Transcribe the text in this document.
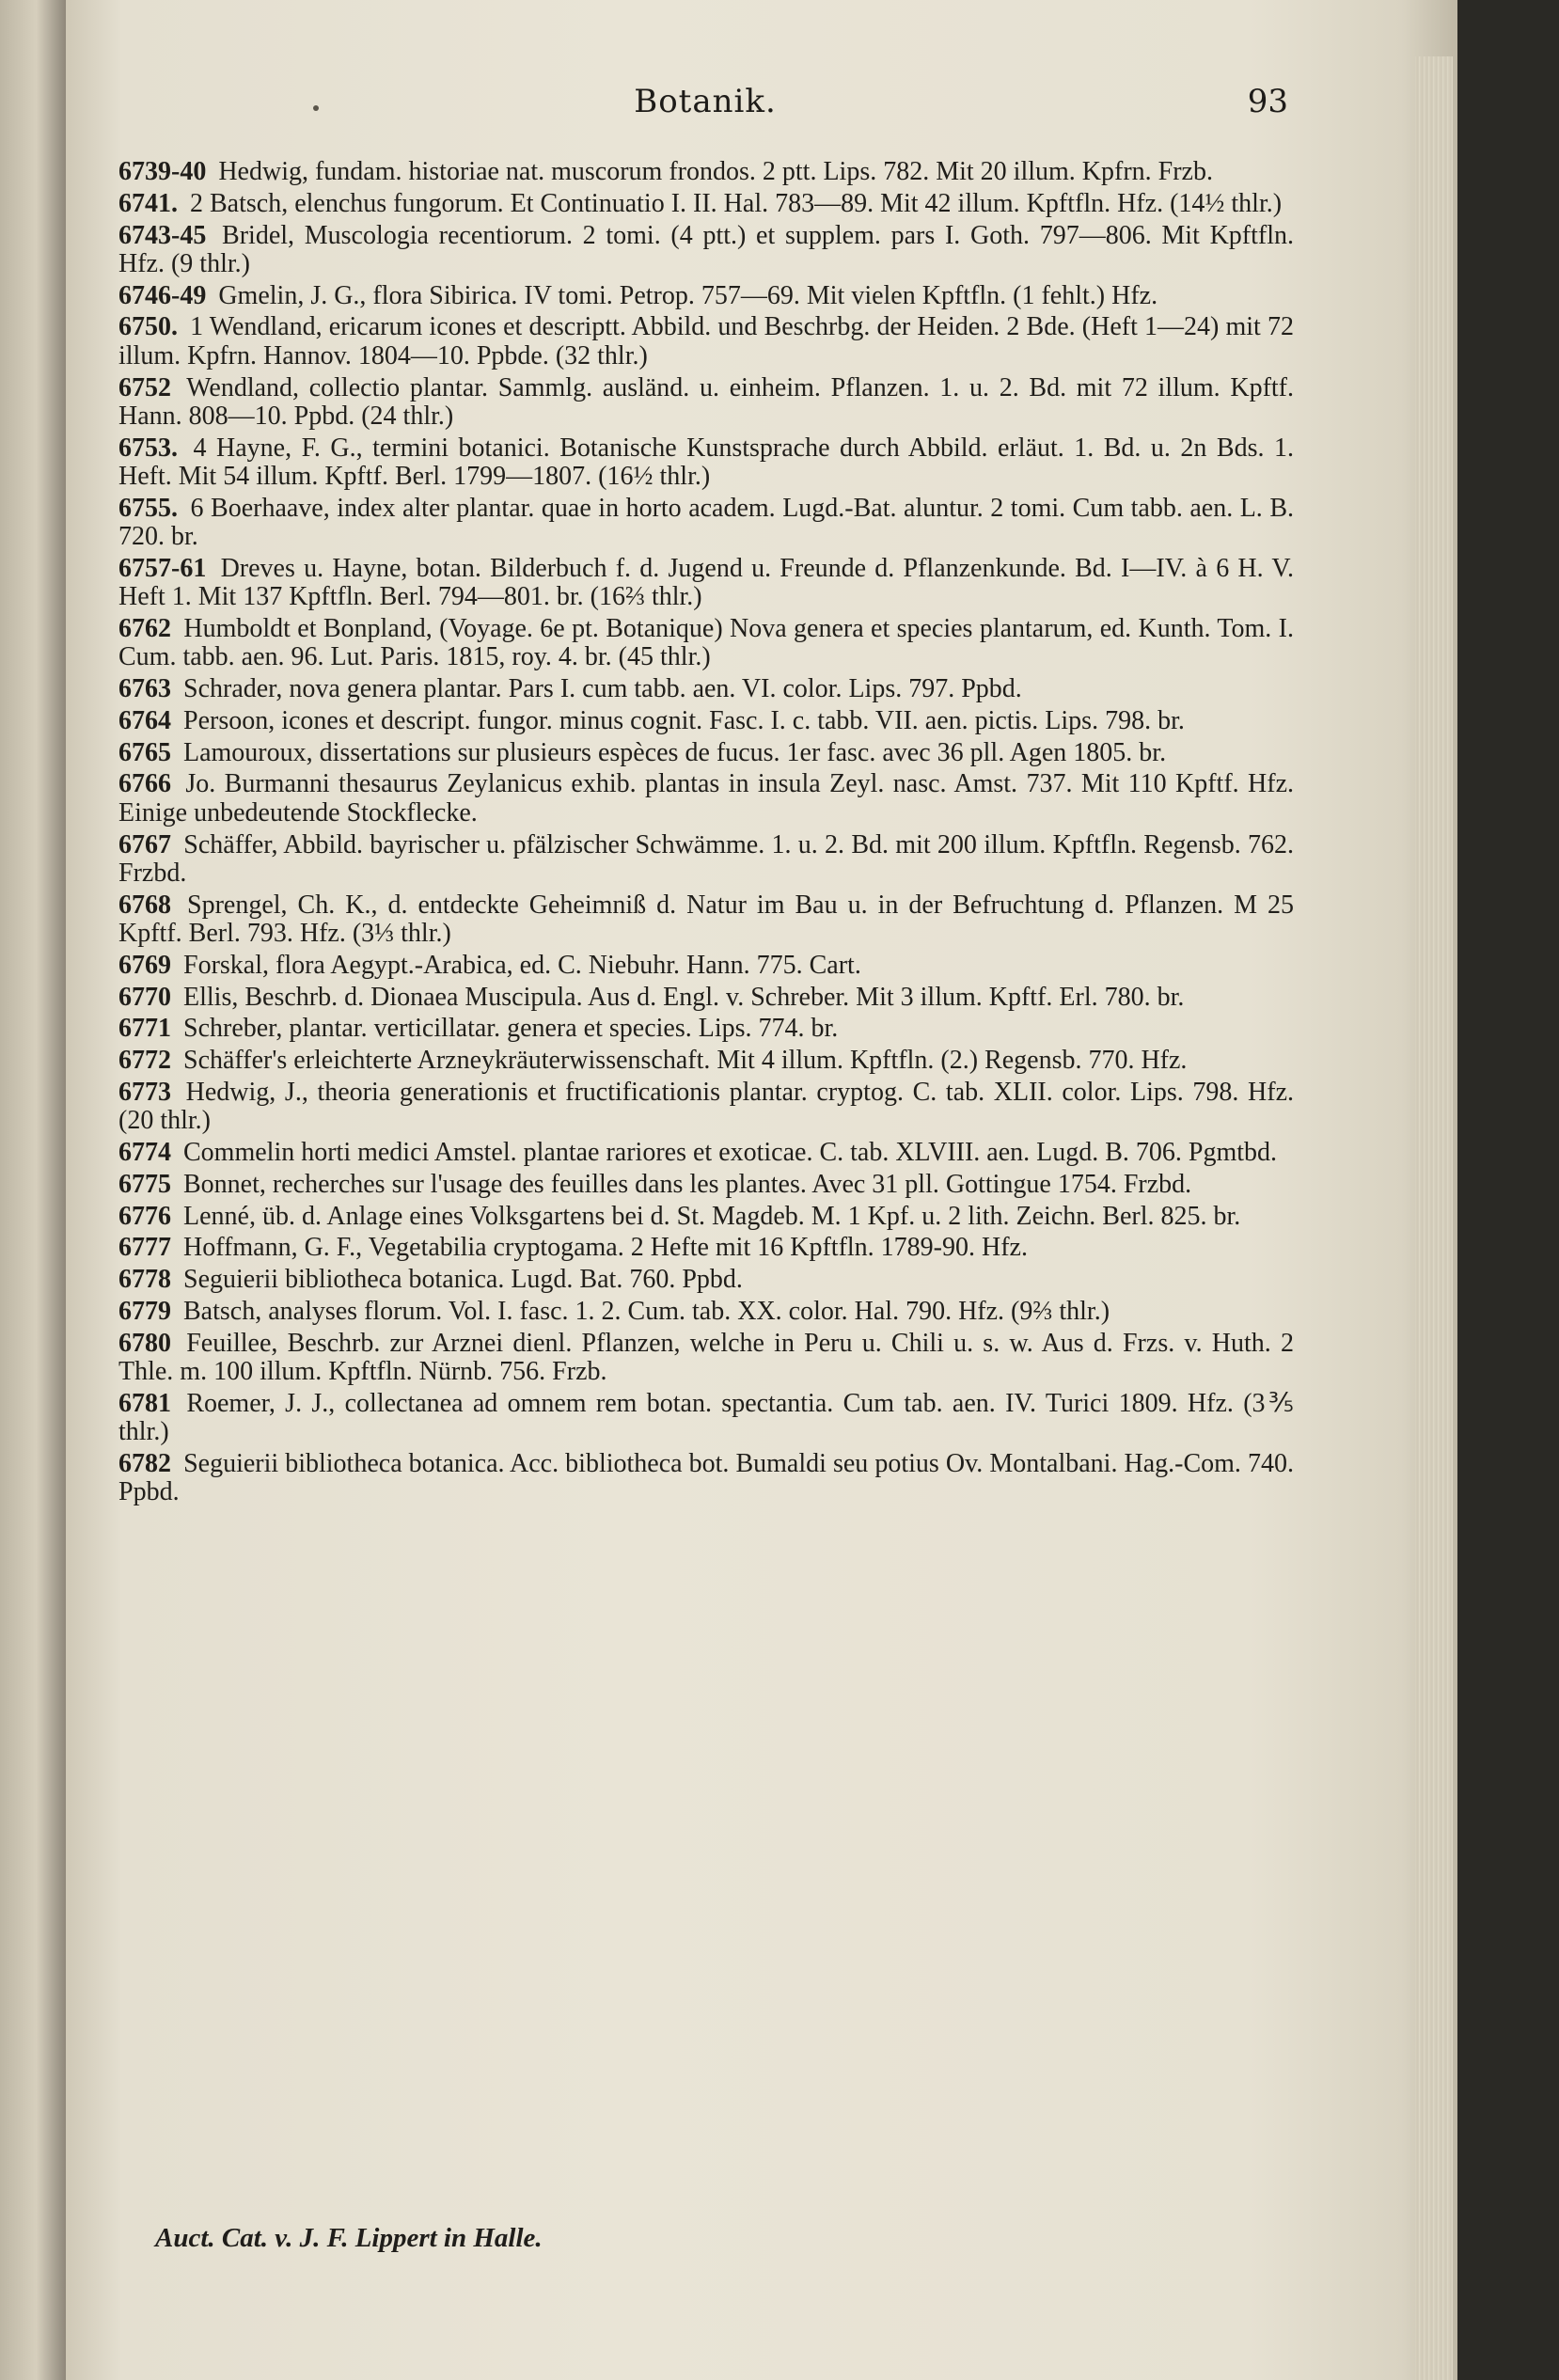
Botanik.	93

6739-40 Hedwig, fundam. historiae nat. muscorum frondos. 2 ptt. Lips. 782. Mit 20 illum. Kpfrn. Frzb.

6741. 2 Batsch, elenchus fungorum. Et Continuatio I. II. Hal. 783—89. Mit 42 illum. Kpftfln. Hfz. (14½ thlr.)

6743-45 Bridel, Muscologia recentiorum. 2 tomi. (4 ptt.) et supplem. pars I. Goth. 797—806. Mit Kpftfln. Hfz. (9 thlr.)

6746-49 Gmelin, J. G., flora Sibirica. IV tomi. Petrop. 757—69. Mit vielen Kpftfln. (1 fehlt.) Hfz.

6750. 1 Wendland, ericarum icones et descriptt. Abbild. und Beschrbg. der Heiden. 2 Bde. (Heft 1—24) mit 72 illum. Kpfrn. Hannov. 1804—10. Ppbde. (32 thlr.)

6752 Wendland, collectio plantar. Sammlg. ausländ. u. einheim. Pflanzen. 1. u. 2. Bd. mit 72 illum. Kpftf. Hann. 808—10. Ppbd. (24 thlr.)

6753. 4 Hayne, F. G., termini botanici. Botanische Kunstsprache durch Abbild. erläut. 1. Bd. u. 2n Bds. 1. Heft. Mit 54 illum. Kpftf. Berl. 1799—1807. (16½ thlr.)

6755. 6 Boerhaave, index alter plantar. quae in horto academ. Lugd.-Bat. aluntur. 2 tomi. Cum tabb. aen. L. B. 720. br.

6757-61 Dreves u. Hayne, botan. Bilderbuch f. d. Jugend u. Freunde d. Pflanzenkunde. Bd. I—IV. à 6 H. V. Heft 1. Mit 137 Kpftfln. Berl. 794—801. br. (16⅔ thlr.)

6762 Humboldt et Bonpland, (Voyage. 6e pt. Botanique) Nova genera et species plantarum, ed. Kunth. Tom. I. Cum. tabb. aen. 96. Lut. Paris. 1815, roy. 4. br. (45 thlr.)

6763 Schrader, nova genera plantar. Pars I. cum tabb. aen. VI. color. Lips. 797. Ppbd.

6764 Persoon, icones et descript. fungor. minus cognit. Fasc. I. c. tabb. VII. aen. pictis. Lips. 798. br.

6765 Lamouroux, dissertations sur plusieurs espèces de fucus. 1er fasc. avec 36 pll. Agen 1805. br.

6766 Jo. Burmanni thesaurus Zeylanicus exhib. plantas in insula Zeyl. nasc. Amst. 737. Mit 110 Kpftf. Hfz. Einige unbedeutende Stockflecke.

6767 Schäffer, Abbild. bayrischer u. pfälzischer Schwämme. 1. u. 2. Bd. mit 200 illum. Kpftfln. Regensb. 762. Frzbd.

6768 Sprengel, Ch. K., d. entdeckte Geheimniß d. Natur im Bau u. in der Befruchtung d. Pflanzen. M 25 Kpftf. Berl. 793. Hfz. (3⅓ thlr.)

6769 Forskal, flora Aegypt.-Arabica, ed. C. Niebuhr. Hann. 775. Cart.

6770 Ellis, Beschrb. d. Dionaea Muscipula. Aus d. Engl. v. Schreber. Mit 3 illum. Kpftf. Erl. 780. br.

6771 Schreber, plantar. verticillatar. genera et species. Lips. 774. br.

6772 Schäffer's erleichterte Arzneykräuterwissenschaft. Mit 4 illum. Kpftfln. (2.) Regensb. 770. Hfz.

6773 Hedwig, J., theoria generationis et fructificationis plantar. cryptog. C. tab. XLII. color. Lips. 798. Hfz. (20 thlr.)

6774 Commelin horti medici Amstel. plantae rariores et exoticae. C. tab. XLVIII. aen. Lugd. B. 706. Pgmtbd.

6775 Bonnet, recherches sur l'usage des feuilles dans les plantes. Avec 31 pll. Gottingue 1754. Frzbd.

6776 Lenné, üb. d. Anlage eines Volksgartens bei d. St. Magdeb. M. 1 Kpf. u. 2 lith. Zeichn. Berl. 825. br.

6777 Hoffmann, G. F., Vegetabilia cryptogama. 2 Hefte mit 16 Kpftfln. 1789-90. Hfz.

6778 Seguierii bibliotheca botanica. Lugd. Bat. 760. Ppbd.

6779 Batsch, analyses florum. Vol. I. fasc. 1. 2. Cum. tab. XX. color. Hal. 790. Hfz. (9⅔ thlr.)

6780 Feuillee, Beschrb. zur Arznei dienl. Pflanzen, welche in Peru u. Chili u. s. w. Aus d. Frzs. v. Huth. 2 Thle. m. 100 illum. Kpftfln. Nürnb. 756. Frzb.

6781 Roemer, J. J., collectanea ad omnem rem botan. spectantia. Cum tab. aen. IV. Turici 1809. Hfz. (3⅗ thlr.)

6782 Seguierii bibliotheca botanica. Acc. bibliotheca bot. Bumaldi seu potius Ov. Montalbani. Hag.-Com. 740. Ppbd.

Auct. Cat. v. J. F. Lippert in Halle.
